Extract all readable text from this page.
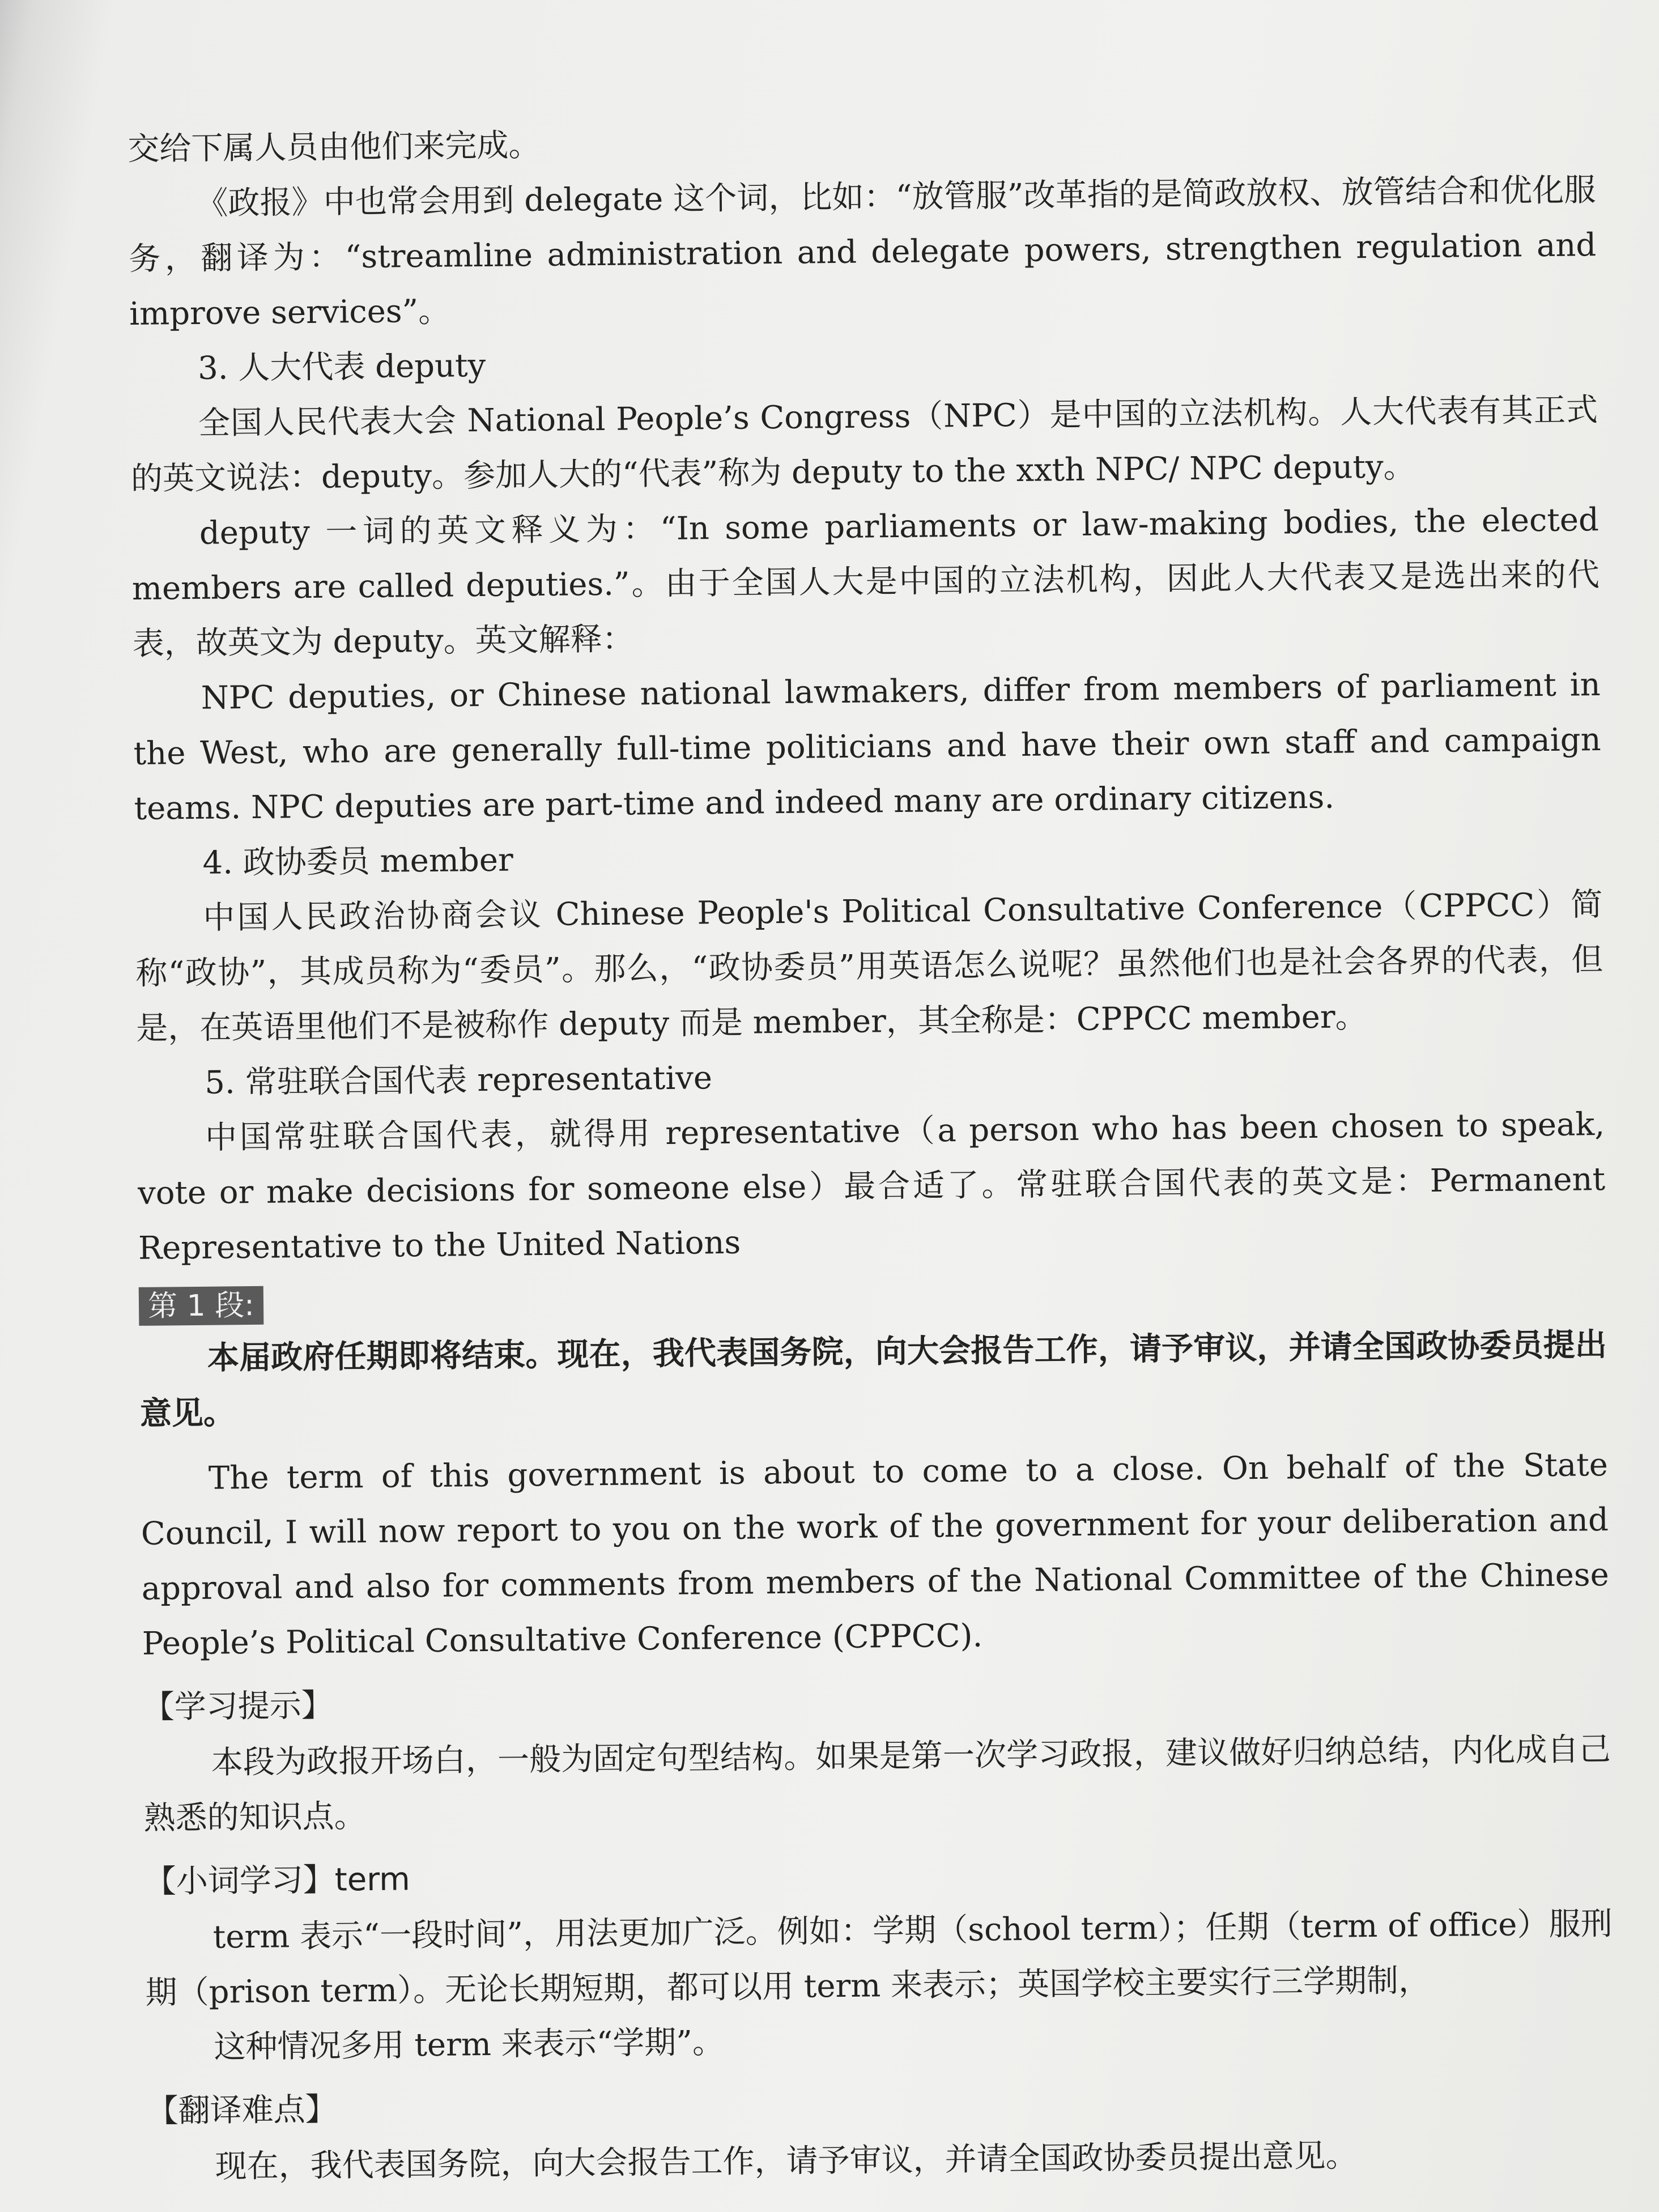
交给下属人员由他们来完成。

《政报》中也常会用到 delegate 这个词，比如：“放管服”改革指的是简政放权、放管结合和优化服务，翻译为：“streamline administration and delegate powers, strengthen regulation and improve services”。

3. 人大代表 deputy

全国人民代表大会 National People’s Congress（NPC）是中国的立法机构。人大代表有其正式的英文说法：deputy。参加人大的“代表”称为 deputy to the xxth NPC/ NPC deputy。

deputy 一词的英文释义为：“In some parliaments or law-making bodies, the elected members are called deputies.”。由于全国人大是中国的立法机构，因此人大代表又是选出来的代表，故英文为 deputy。英文解释：

NPC deputies, or Chinese national lawmakers, differ from members of parliament in the West, who are generally full-time politicians and have their own staff and campaign teams. NPC deputies are part-time and indeed many are ordinary citizens.

4. 政协委员 member

中国人民政治协商会议 Chinese People's Political Consultative Conference（CPPCC）简称“政协”，其成员称为“委员”。那么，“政协委员”用英语怎么说呢？虽然他们也是社会各界的代表，但是，在英语里他们不是被称作 deputy 而是 member，其全称是：CPPCC member。

5. 常驻联合国代表 representative

中国常驻联合国代表，就得用 representative（a person who has been chosen to speak, vote or make decisions for someone else）最合适了。常驻联合国代表的英文是：Permanent Representative to the United Nations

第 1 段:

本届政府任期即将结束。现在，我代表国务院，向大会报告工作，请予审议，并请全国政协委员提出意见。

The term of this government is about to come to a close. On behalf of the State Council, I will now report to you on the work of the government for your deliberation and approval and also for comments from members of the National Committee of the Chinese People’s Political Consultative Conference (CPPCC).

【学习提示】

本段为政报开场白，一般为固定句型结构。如果是第一次学习政报，建议做好归纳总结，内化成自己熟悉的知识点。

【小词学习】term

term 表示“一段时间”，用法更加广泛。例如：学期（school term）；任期（term of office）服刑期（prison term）。无论长期短期，都可以用 term 来表示；英国学校主要实行三学期制，

这种情况多用 term 来表示“学期”。

【翻译难点】

现在，我代表国务院，向大会报告工作，请予审议，并请全国政协委员提出意见。
